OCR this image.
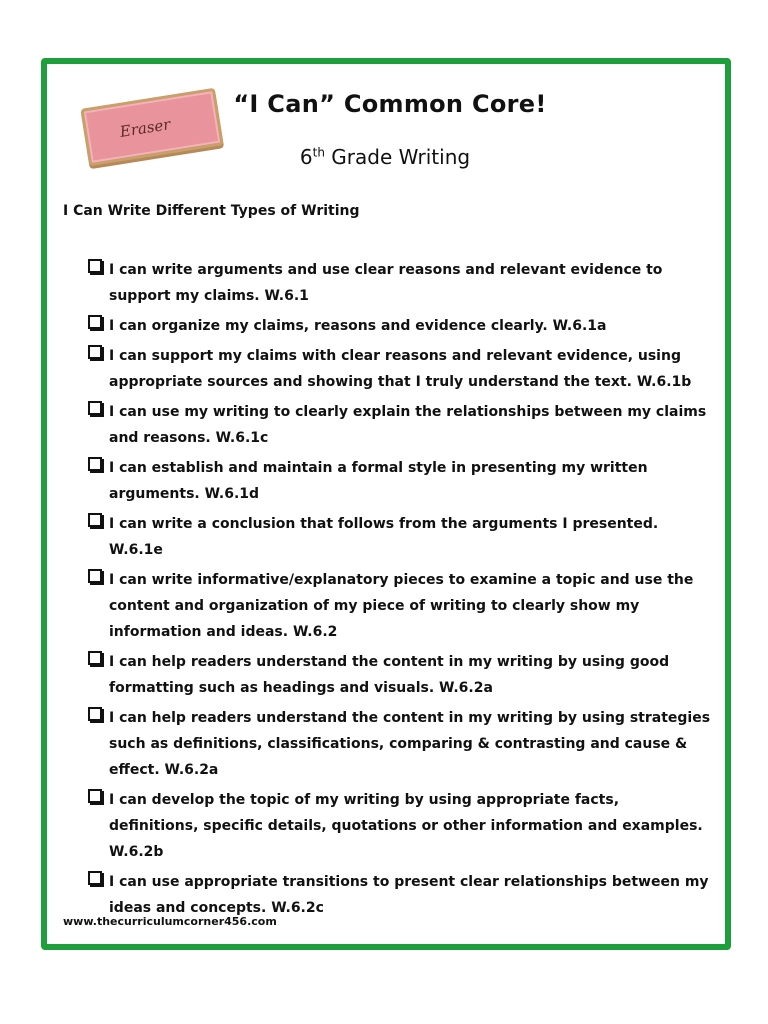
Eraser
“I Can” Common Core!
6th Grade Writing
I Can Write Different Types of Writing
I can write arguments and use clear reasons and relevant evidence to support my claims. W.6.1
I can organize my claims, reasons and evidence clearly. W.6.1a
I can support my claims with clear reasons and relevant evidence, using appropriate sources and showing that I truly understand the text. W.6.1b
I can use my writing to clearly explain the relationships between my claims and reasons. W.6.1c
I can establish and maintain a formal style in presenting my written arguments. W.6.1d
I can write a conclusion that follows from the arguments I presented. W.6.1e
I can write informative/explanatory pieces to examine a topic and use the content and organization of my piece of writing to clearly show my information and ideas. W.6.2
I can help readers understand the content in my writing by using good formatting such as headings and visuals. W.6.2a
I can help readers understand the content in my writing by using strategies such as definitions, classifications, comparing & contrasting and cause & effect. W.6.2a
I can develop the topic of my writing by using appropriate facts, definitions, specific details, quotations or other information and examples. W.6.2b
I can use appropriate transitions to present clear relationships between my ideas and concepts. W.6.2c
www.thecurriculumcorner456.com
